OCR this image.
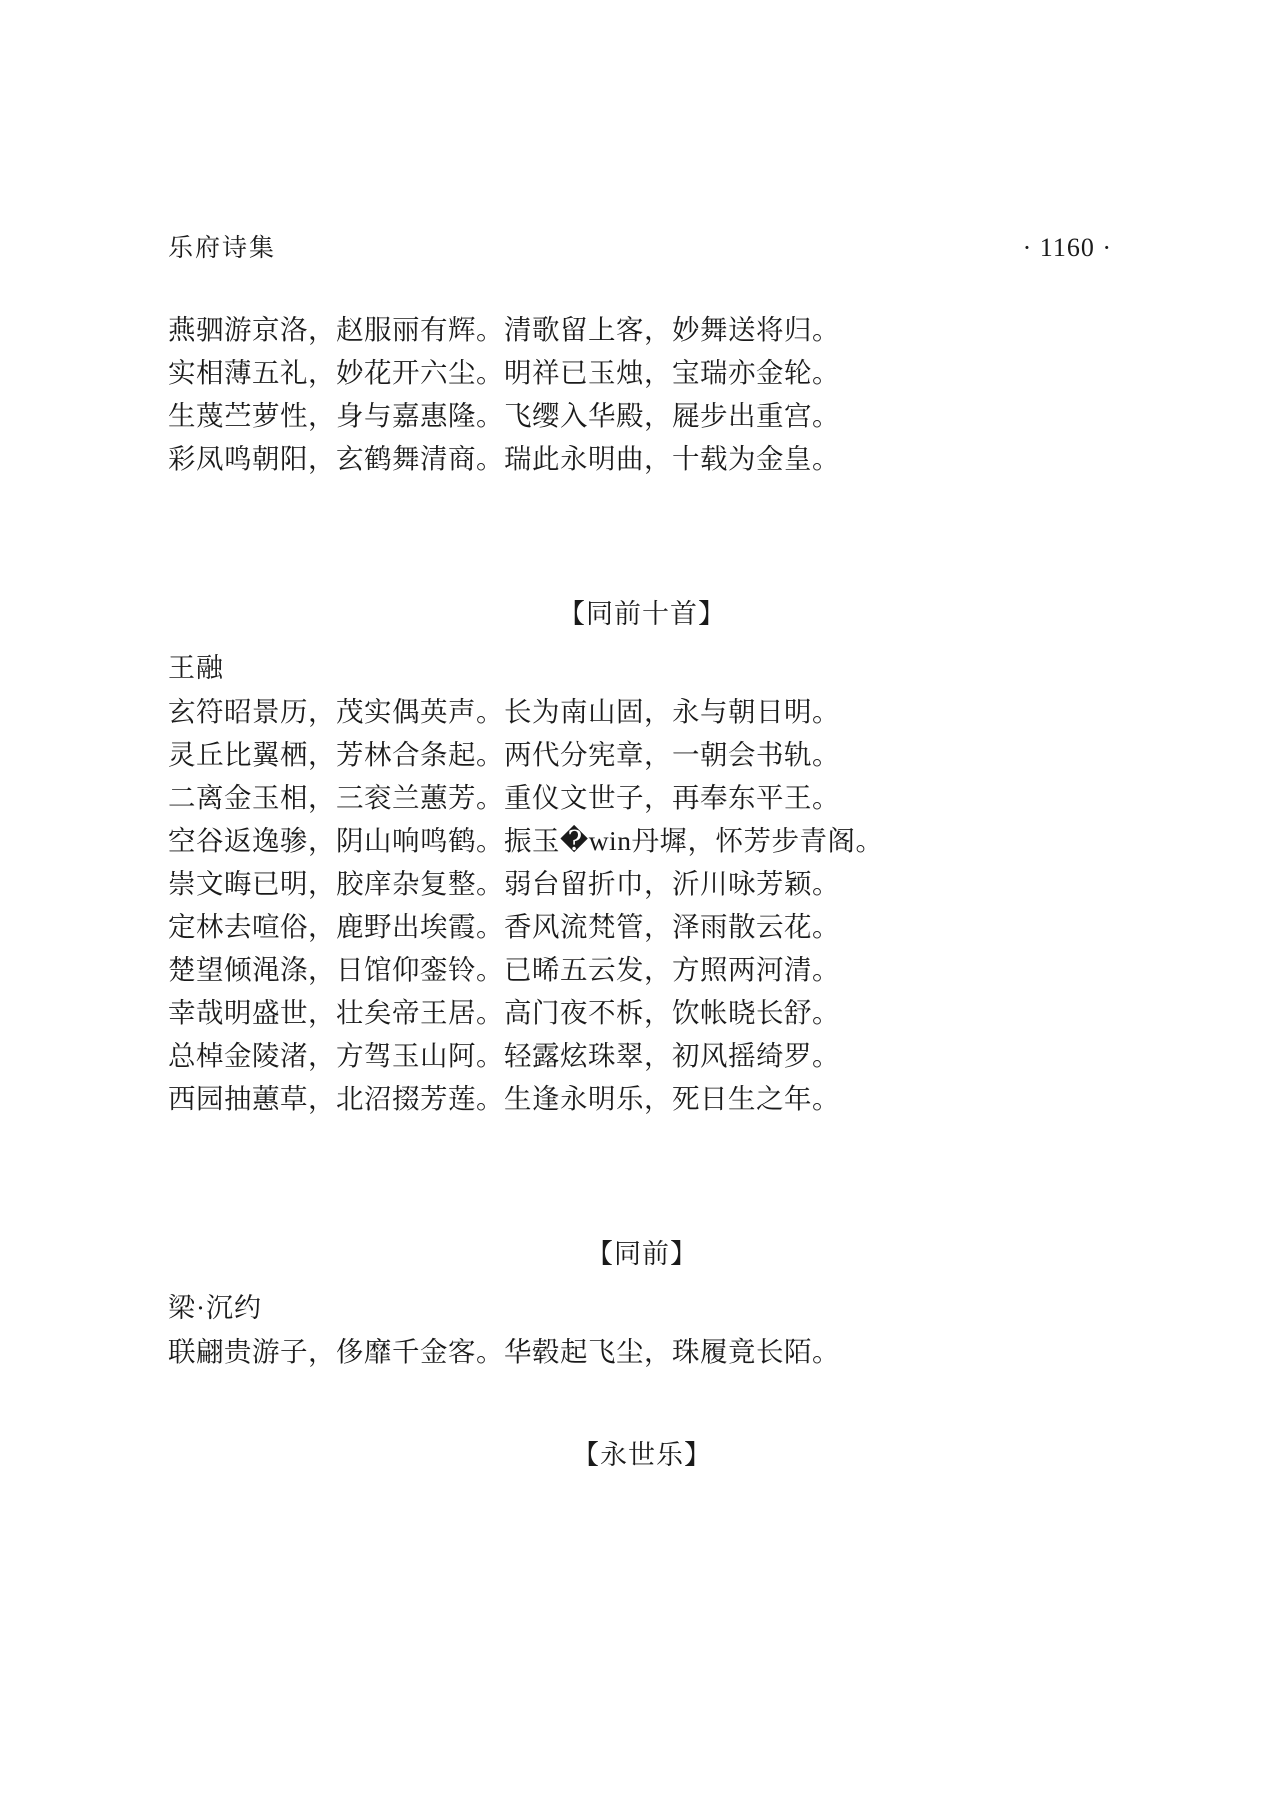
乐府诗集	· 1160 ·
燕驷游京洛，赵服丽有辉。清歌留上客，妙舞送将归。
实相薄五礼，妙花开六尘。明祥已玉烛，宝瑞亦金轮。
生蔑苎萝性，身与嘉惠隆。飞缨入华殿，屣步出重宫。
彩凤鸣朝阳，玄鹤舞清商。瑞此永明曲，十载为金皇。
【同前十首】
王融
玄符昭景历，茂实偶英声。长为南山固，永与朝日明。
灵丘比翼栖，芳林合条起。两代分宪章，一朝会书轨。
二离金玉相，三衮兰蕙芳。重仪文世子，再奉东平王。
空谷返逸骖，阴山响鸣鹤。振玉�win丹墀，怀芳步青阁。
崇文晦已明，胶庠杂复整。弱台留折巾，沂川咏芳颖。
定林去喧俗，鹿野出埃霞。香风流梵管，泽雨散云花。
楚望倾渑涤，日馆仰銮铃。已晞五云发，方照两河清。
幸哉明盛世，壮矣帝王居。高门夜不柝，饮帐晓长舒。
总棹金陵渚，方驾玉山阿。轻露炫珠翠，初风摇绮罗。
西园抽蕙草，北沼掇芳莲。生逢永明乐，死日生之年。
【同前】
梁·沉约
联翩贵游子，侈靡千金客。华毂起飞尘，珠履竟长陌。
【永世乐】
